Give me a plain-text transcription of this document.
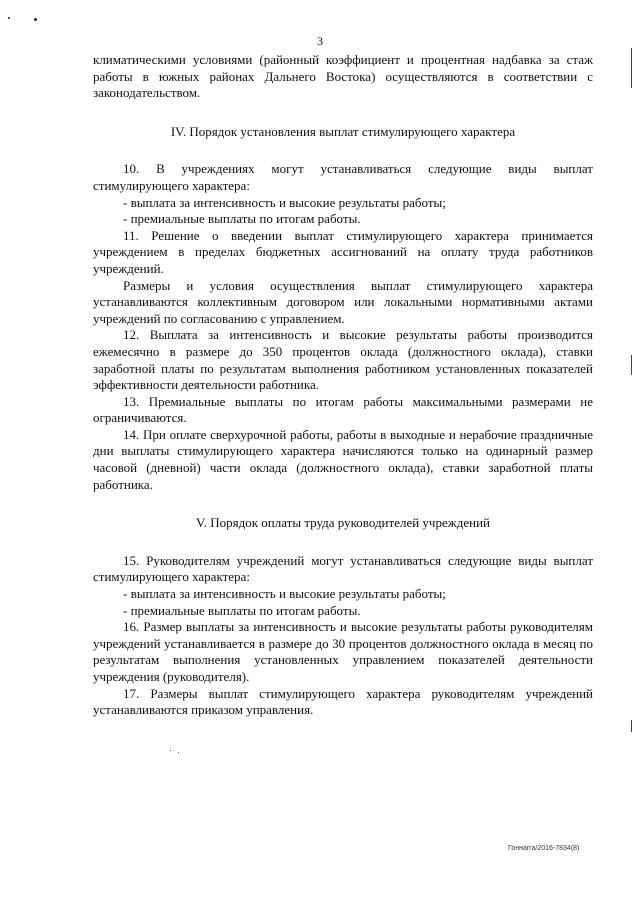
3

климатическими условиями (районный коэффициент и процентная надбавка за стаж работы в южных районах Дальнего Востока) осуществляются в соответствии с законодательством.

IV. Порядок установления выплат стимулирующего характера

10. В учреждениях могут устанавливаться следующие виды выплат стимулирующего характера:

- выплата за интенсивность и высокие результаты работы;

- премиальные выплаты по итогам работы.

11. Решение о введении выплат стимулирующего характера принимается учреждением в пределах бюджетных ассигнований на оплату труда работников учреждений.

Размеры и условия осуществления выплат стимулирующего характера устанавливаются коллективным договором или локальными нормативными актами учреждений по согласованию с управлением.

12. Выплата за интенсивность и высокие результаты работы производится ежемесячно в размере до 350 процентов оклада (должностного оклада), ставки заработной платы по результатам выполнения работником установленных показателей эффективности деятельности работника.

13. Премиальные выплаты по итогам работы максимальными размерами не ограничиваются.

14. При оплате сверхурочной работы, работы в выходные и нерабочие праздничные дни выплаты стимулирующего характера начисляются только на одинарный размер часовой (дневной) части оклада (должностного оклада), ставки заработной платы работника.

V. Порядок оплаты труда руководителей учреждений

15. Руководителям учреждений могут устанавливаться следующие виды выплат стимулирующего характера:

- выплата за интенсивность и высокие результаты работы;

- премиальные выплаты по итогам работы.

16. Размер выплаты за интенсивность и высокие результаты работы руководителям учреждений устанавливается в размере до 30 процентов должностного оклада в месяц по результатам выполнения установленных управлением показателей деятельности учреждения (руководителя).

17. Размеры выплат стимулирующего характера руководителям учреждений устанавливаются приказом управления.

Гоннаrra/2016-7834(8)
